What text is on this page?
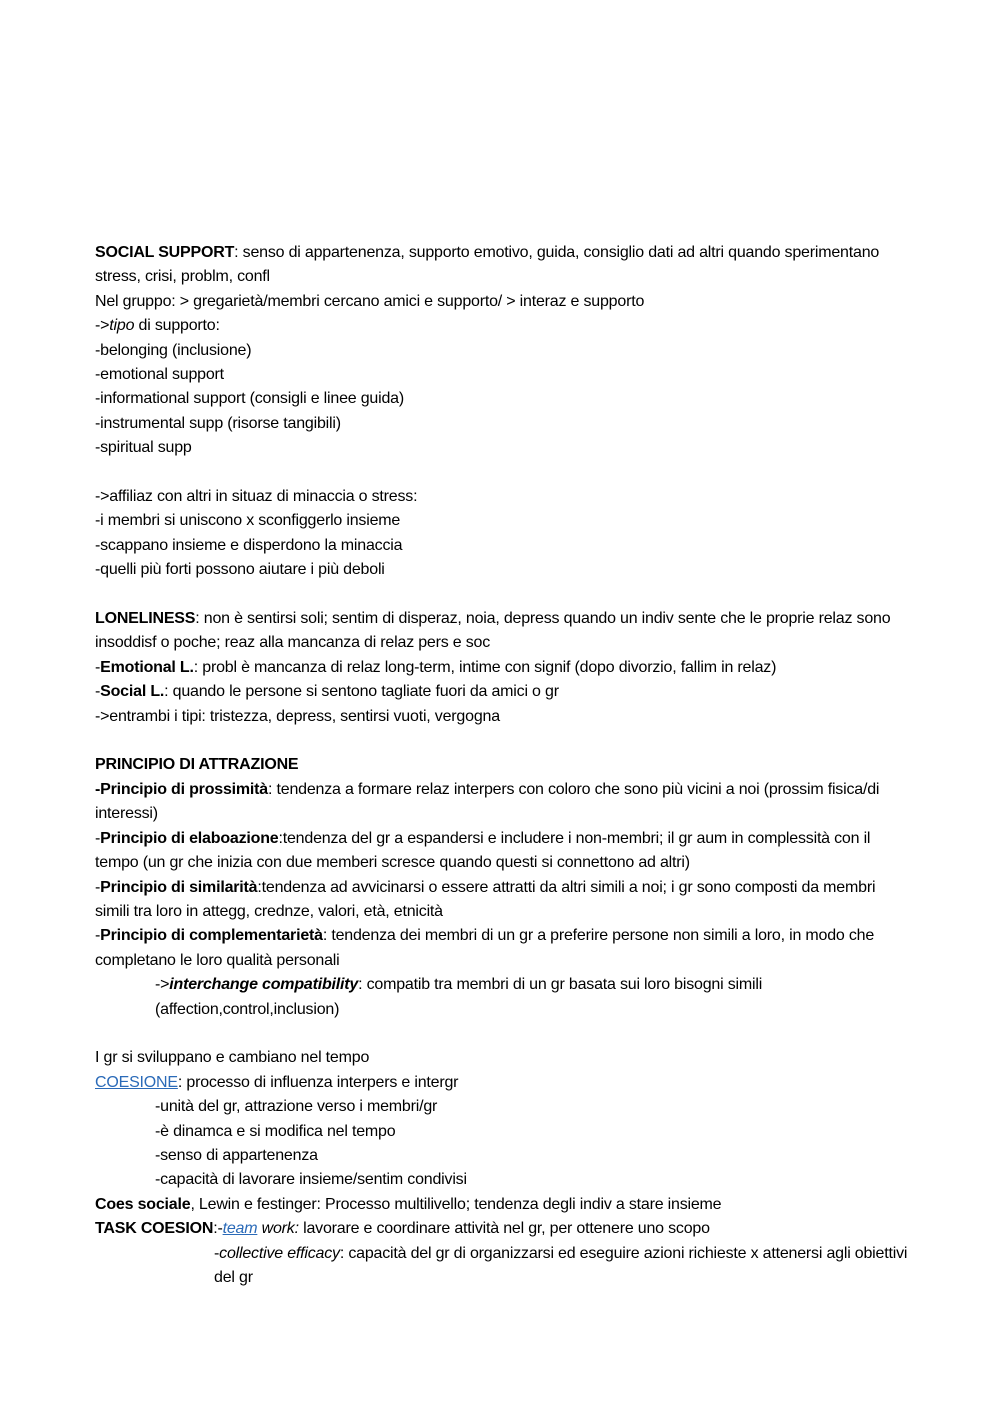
SOCIAL SUPPORT: senso di appartenenza, supporto emotivo, guida, consiglio dati ad altri quando sperimentano stress, crisi, problm, confl
Nel gruppo: > gregarietà/membri cercano amici e supporto/ > interaz e supporto
->tipo di supporto:
-belonging (inclusione)
-emotional support
-informational support (consigli e linee guida)
-instrumental supp (risorse tangibili)
-spiritual supp
->affiliaz con altri in situaz di minaccia o stress:
-i membri si uniscono x sconfiggerlo insieme
-scappano insieme e disperdono la minaccia
-quelli più forti possono aiutare i più deboli
LONELINESS: non è sentirsi soli; sentim di disperaz, noia, depress quando un indiv sente che le proprie relaz sono insoddisf o poche; reaz alla mancanza di relaz pers e soc
-Emotional L.: probl è mancanza di relaz long-term, intime con signif (dopo divorzio, fallim in relaz)
-Social L.: quando le persone si sentono tagliate fuori da amici o gr
->entrambi i tipi: tristezza, depress, sentirsi vuoti, vergogna
PRINCIPIO DI ATTRAZIONE
-Principio di prossimità: tendenza a formare relaz interpers con coloro che sono più vicini a noi (prossim fisica/di interessi)
-Principio di elaboazione:tendenza del gr a espandersi e includere i non-membri; il gr aum in complessità con il tempo (un gr che inizia con due memberi scresce quando questi si connettono ad altri)
-Principio di similarità:tendenza ad avvicinarsi o essere attratti da altri simili a noi; i gr sono composti da membri simili tra loro in attegg, crednze, valori, età, etnicità
-Principio di complementarietà: tendenza dei membri di un gr a preferire persone non simili a loro, in modo che completano le loro qualità personali
->interchange compatibility: compatib tra membri di un gr basata sui loro bisogni simili (affection,control,inclusion)
I gr si sviluppano e cambiano nel tempo
COESIONE: processo di influenza interpers e intergr
-unità del gr, attrazione verso i membri/gr
-è dinamca e si modifica nel tempo
-senso di appartenenza
-capacità di lavorare insieme/sentim condivisi
Coes sociale, Lewin e festinger: Processo multilivello; tendenza degli indiv a stare insieme
TASK COESION:-team work: lavorare e coordinare attività nel gr, per ottenere uno scopo
-collective efficacy: capacità del gr di organizzarsi ed eseguire azioni richieste x attenersi agli obiettivi del gr
